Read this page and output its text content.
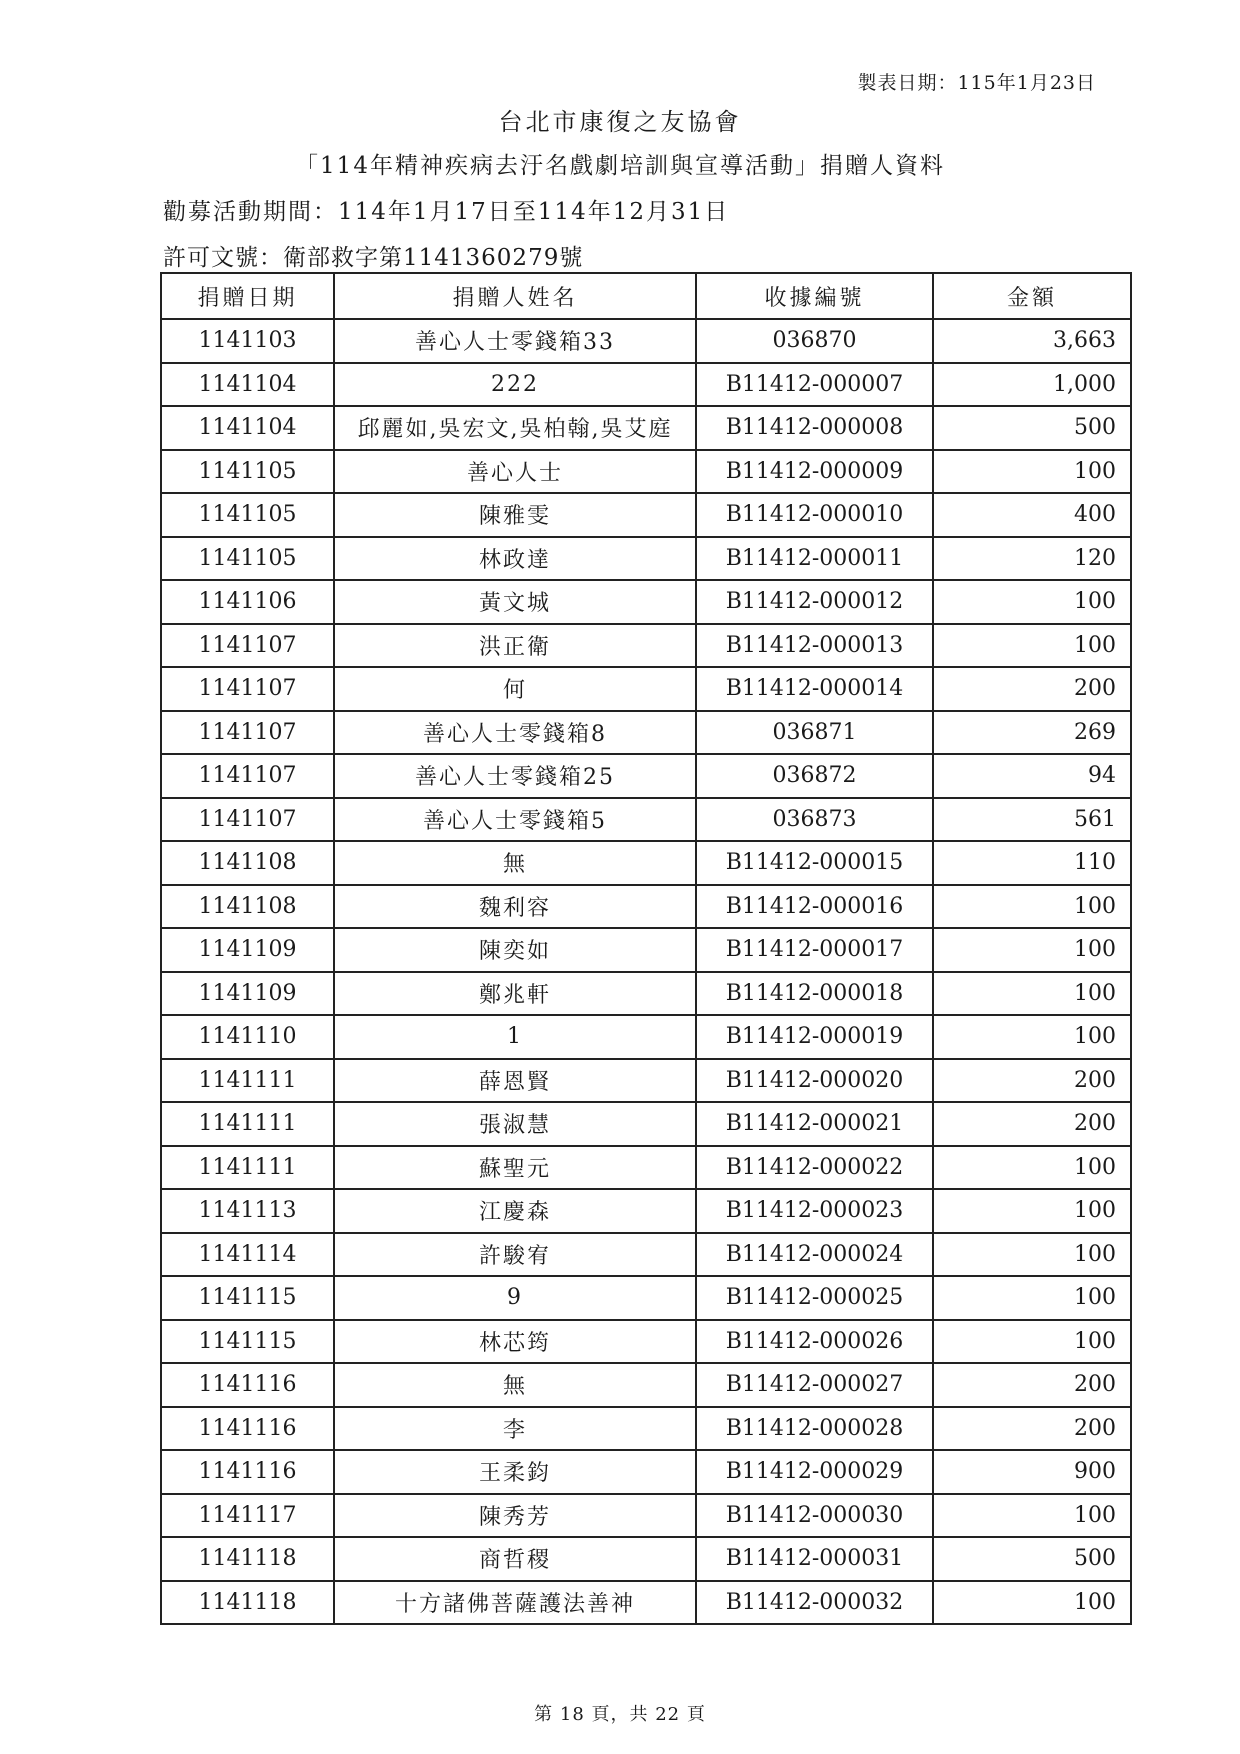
製表日期：115年1月23日
台北市康復之友協會
「114年精神疾病去汙名戲劇培訓與宣導活動」捐贈人資料
勸募活動期間：114年1月17日至114年12月31日
許可文號：衛部救字第1141360279號
捐贈日期	捐贈人姓名	收據編號	金額
1141103	善心人士零錢箱33	036870	3,663
1141104	222	B11412-000007	1,000
1141104	邱麗如,吳宏文,吳柏翰,吳艾庭	B11412-000008	500
1141105	善心人士	B11412-000009	100
1141105	陳雅雯	B11412-000010	400
1141105	林政達	B11412-000011	120
1141106	黃文城	B11412-000012	100
1141107	洪正衛	B11412-000013	100
1141107	何	B11412-000014	200
1141107	善心人士零錢箱8	036871	269
1141107	善心人士零錢箱25	036872	94
1141107	善心人士零錢箱5	036873	561
1141108	無	B11412-000015	110
1141108	魏利容	B11412-000016	100
1141109	陳奕如	B11412-000017	100
1141109	鄭兆軒	B11412-000018	100
1141110	1	B11412-000019	100
1141111	薛恩賢	B11412-000020	200
1141111	張淑慧	B11412-000021	200
1141111	蘇聖元	B11412-000022	100
1141113	江慶森	B11412-000023	100
1141114	許駿宥	B11412-000024	100
1141115	9	B11412-000025	100
1141115	林芯筠	B11412-000026	100
1141116	無	B11412-000027	200
1141116	李	B11412-000028	200
1141116	王柔鈞	B11412-000029	900
1141117	陳秀芳	B11412-000030	100
1141118	商哲稷	B11412-000031	500
1141118	十方諸佛菩薩護法善神	B11412-000032	100
第 18 頁，共 22 頁
